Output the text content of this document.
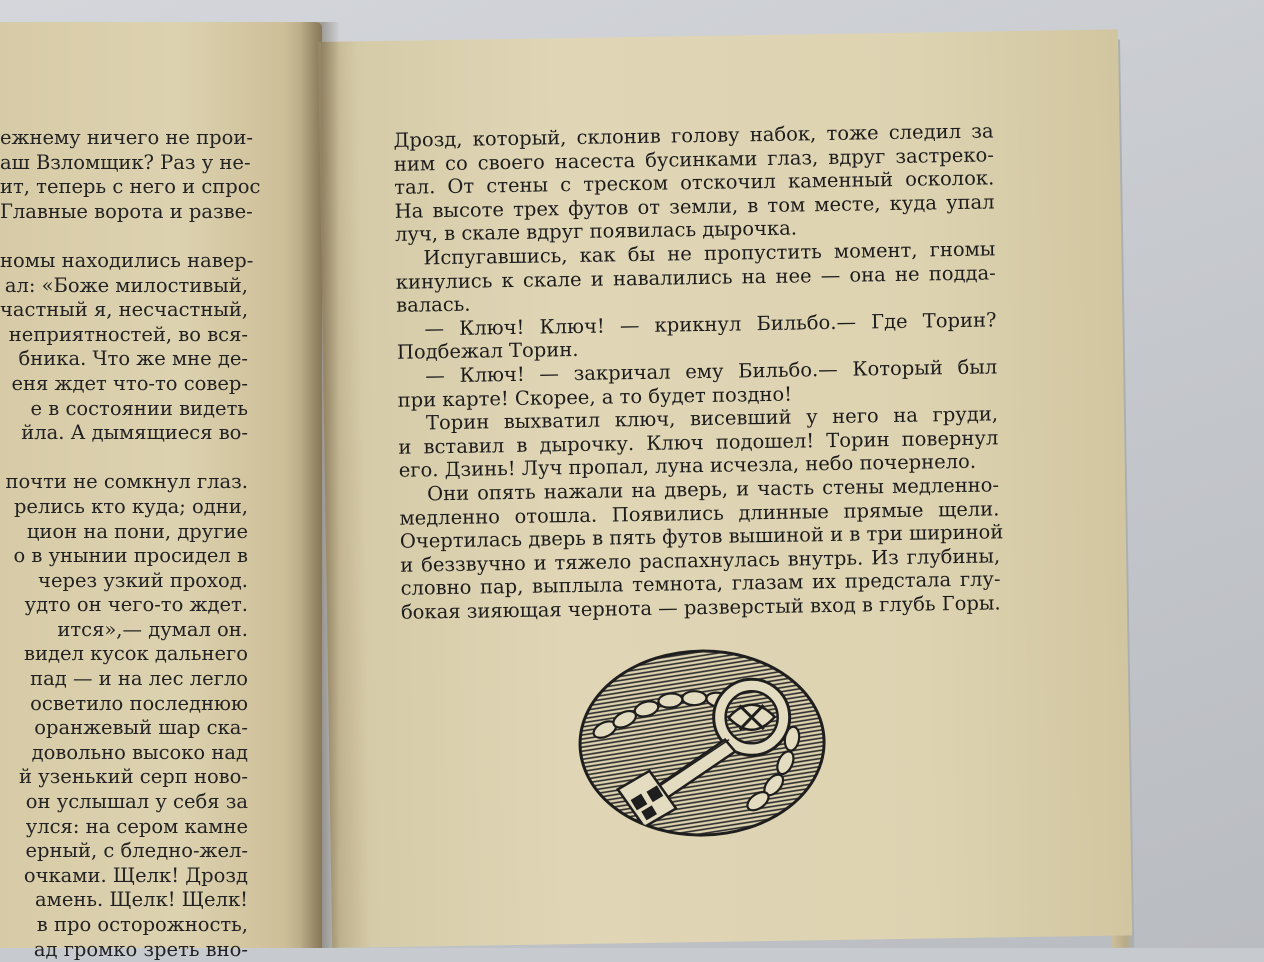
ежнему ничего не прои-
аш Взломщик? Раз у не-
ит, теперь с него и спрос
Главные ворота и разве-

номы находились навер-
ал: «Боже милостивый,
частный я, несчастный,
неприятностей, во вся-
бника. Что же мне де-
еня ждет что-то совер-
е в состоянии видеть
йла. А дымящиеся во-

почти не сомкнул глаз.
релись кто куда; одни,
цион на пони, другие
о в унынии просидел в
через узкий проход.
удто он чего-то ждет.
ится»,— думал он.
видел кусок дальнего
пад — и на лес легло
осветило последнюю
оранжевый шар ска-
довольно высоко над
й узенький серп ново-
он услышал у себя за
улся: на сером камне
ерный, с бледно-жел-
очками. Щелк! Дрозд
амень. Щелк! Щелк!
в про осторожность,
ад громко зреть вно-
Дрозд, который, склонив голову набок, тоже следил за
ним со своего насеста бусинками глаз, вдруг застреко-
тал. От стены с треском отскочил каменный осколок.
На высоте трех футов от земли, в том месте, куда упал
луч, в скале вдруг появилась дырочка.
Испугавшись, как бы не пропустить момент, гномы
кинулись к скале и навалились на нее — она не подда-
валась.
— Ключ! Ключ! — крикнул Бильбо.— Где Торин?
Подбежал Торин.
— Ключ! — закричал ему Бильбо.— Который был
при карте! Скорее, а то будет поздно!
Торин выхватил ключ, висевший у него на груди,
и вставил в дырочку. Ключ подошел! Торин повернул
его. Дзинь! Луч пропал, луна исчезла, небо почернело.
Они опять нажали на дверь, и часть стены медленно-
медленно отошла. Появились длинные прямые щели.
Очертилась дверь в пять футов вышиной и в три шириной
и беззвучно и тяжело распахнулась внутрь. Из глубины,
словно пар, выплыла темнота, глазам их предстала глу-
бокая зияющая чернота — разверстый вход в глубь Горы.
